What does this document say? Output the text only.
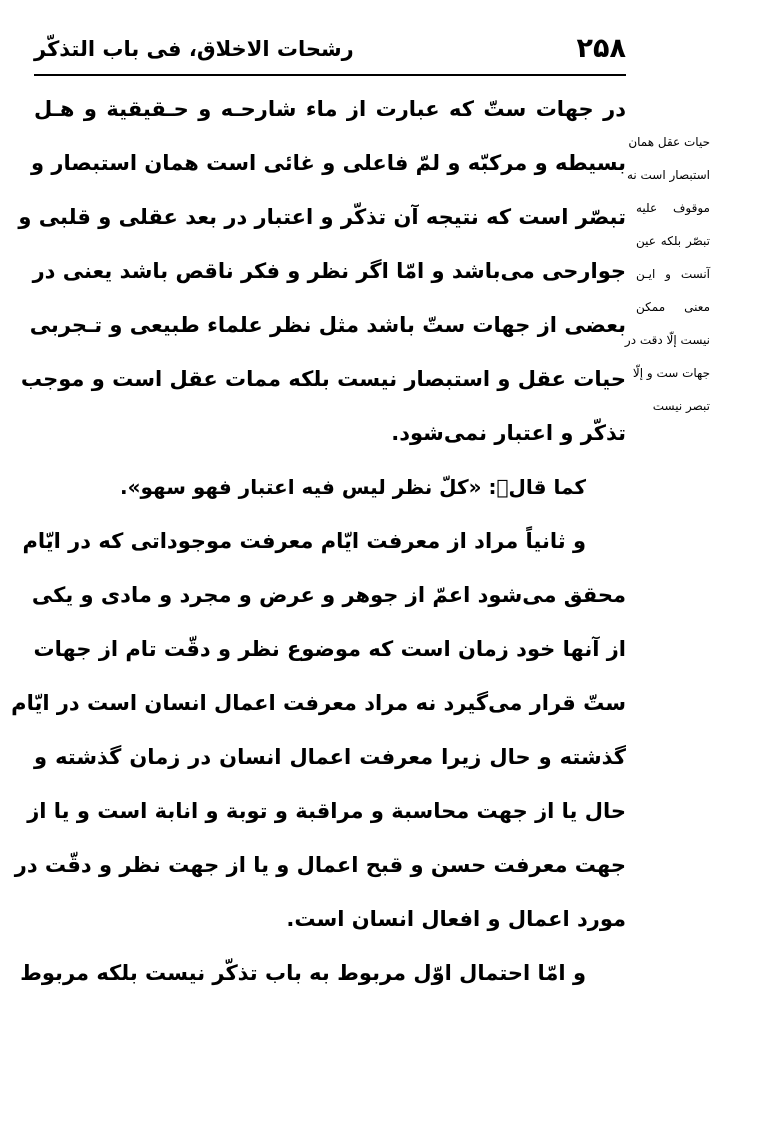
۲۵۸
رشحات الاخلاق، فی باب التذکّر
در جهات ستّ که عبارت از ماء شارحـه و حـقیقیة و هـل
بسیطه و مرکبّه و لمّ فاعلی و غائی است همان استبصار و
تبصّر است که نتیجه آن تذکّر و اعتبار در بعد عقلی و قلبی و
جوارحی می‌باشد و امّا اگر نظر و فکر ناقص باشد یعنی در
بعضی از جهات ستّ باشد مثل نظر علماء طبیعی و تـجربی
حیات عقل و استبصار نیست بلکه ممات عقل است و موجب
تذکّر و اعتبار نمی‌شود.
کما قالؑ: «کلّ نظر لیس فیه اعتبار فهو سهو».
و ثانیاً مراد از معرفت ایّام معرفت موجوداتی که در ایّام
محقق می‌شود اعمّ از جوهر و عرض و مجرد و مادی و یکی
از آنها خود زمان است که موضوع نظر و دقّت تام از جهات
ستّ قرار می‌گیرد نه مراد معرفت اعمال انسان است در ایّام
گذشته و حال زیرا معرفت اعمال انسان در زمان گذشته و
حال یا از جهت محاسبة و مراقبة و توبة و انابة است و یا از
جهت معرفت حسن و قبح اعمال و یا از جهت نظر و دقّت در
مورد اعمال و افعال انسان است.
و امّا احتمال اوّل مربوط به باب تذکّر نیست بلکه مربوط
حیات عقل همان
استبصار است نه
موقوف علیه
تبصّر بلکه عین
آنست و ایـن
معنی ممکن
نیست إلّا دقت در
جهات ست و إلّا
تبصر نیست
